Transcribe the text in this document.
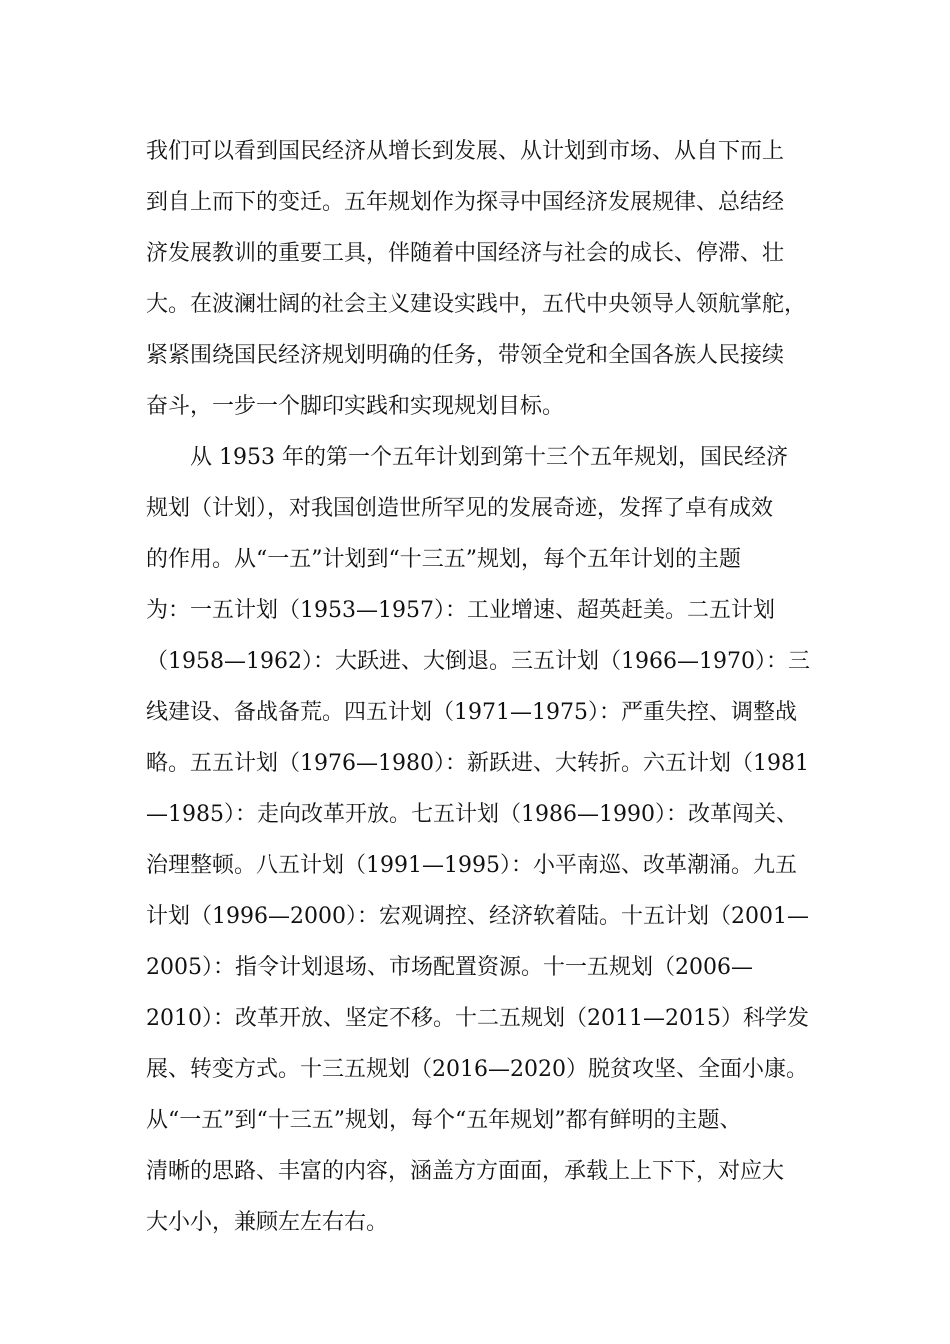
我们可以看到国民经济从增长到发展、从计划到市场、从自下而上
到自上而下的变迁。五年规划作为探寻中国经济发展规律、总结经
济发展教训的重要工具，伴随着中国经济与社会的成长、停滞、壮
大。在波澜壮阔的社会主义建设实践中，五代中央领导人领航掌舵，
紧紧围绕国民经济规划明确的任务，带领全党和全国各族人民接续
奋斗，一步一个脚印实践和实现规划目标。
从 1953 年的第一个五年计划到第十三个五年规划，国民经济
规划（计划），对我国创造世所罕见的发展奇迹，发挥了卓有成效
的作用。从“一五”计划到“十三五”规划，每个五年计划的主题
为：一五计划（1953—1957）：工业增速、超英赶美。二五计划
（1958—1962）：大跃进、大倒退。三五计划（1966—1970）：三
线建设、备战备荒。四五计划（1971—1975）：严重失控、调整战
略。五五计划（1976—1980）：新跃进、大转折。六五计划（1981
—1985）：走向改革开放。七五计划（1986—1990）：改革闯关、
治理整顿。八五计划（1991—1995）：小平南巡、改革潮涌。九五
计划（1996—2000）：宏观调控、经济软着陆。十五计划（2001—
2005）：指令计划退场、市场配置资源。十一五规划（2006—
2010）：改革开放、坚定不移。十二五规划（2011—2015）科学发
展、转变方式。十三五规划（2016—2020）脱贫攻坚、全面小康。
从“一五”到“十三五”规划，每个“五年规划”都有鲜明的主题、
清晰的思路、丰富的内容，涵盖方方面面，承载上上下下，对应大
大小小，兼顾左左右右。
